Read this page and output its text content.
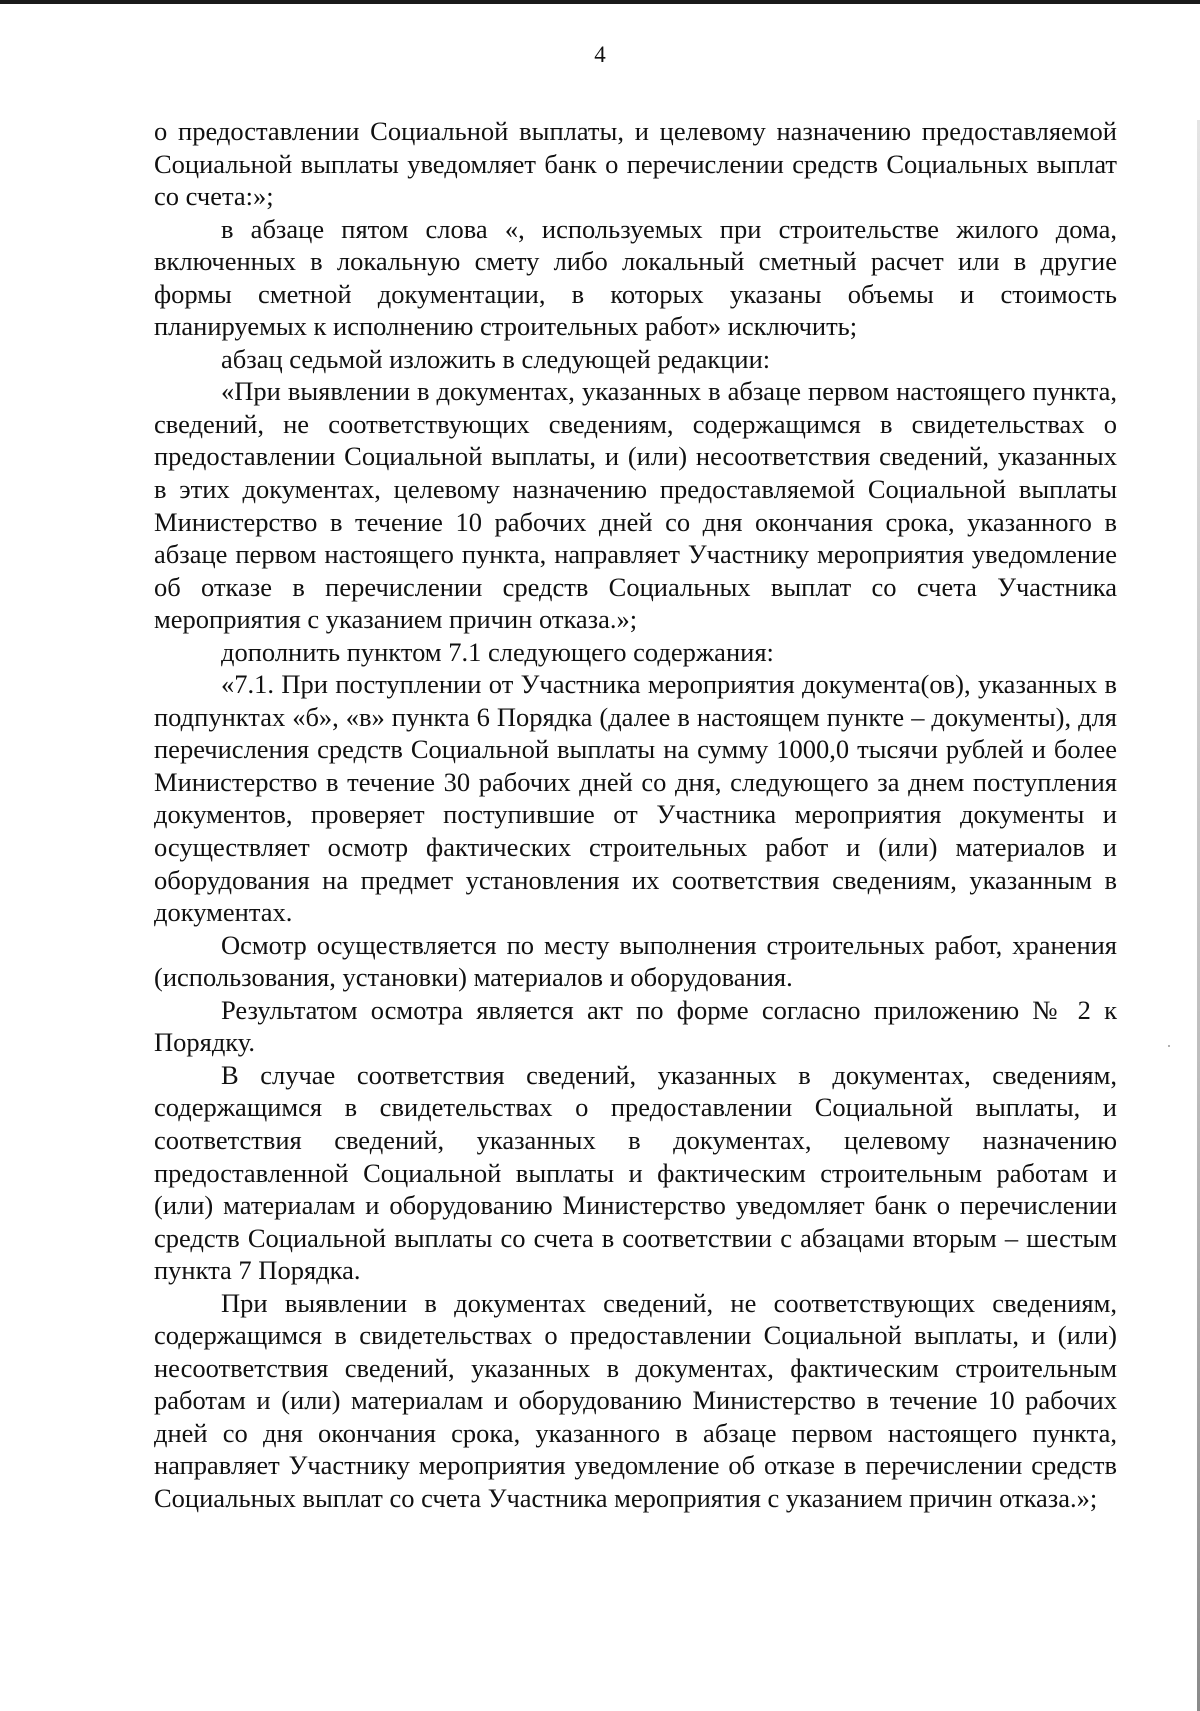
4

о предоставлении Социальной выплаты, и целевому назначению предоставляемой Социальной выплаты уведомляет банк о перечислении средств Социальных выплат со счета:»;

в абзаце пятом слова «, используемых при строительстве жилого дома, включенных в локальную смету либо локальный сметный расчет или в другие формы сметной документации, в которых указаны объемы и стоимость планируемых к исполнению строительных работ» исключить;

абзац седьмой изложить в следующей редакции:

«При выявлении в документах, указанных в абзаце первом настоящего пункта, сведений, не соответствующих сведениям, содержащимся в свидетельствах о предоставлении Социальной выплаты, и (или) несоответствия сведений, указанных в этих документах, целевому назначению предоставляемой Социальной выплаты Министерство в течение 10 рабочих дней со дня окончания срока, указанного в абзаце первом настоящего пункта, направляет Участнику мероприятия уведомление об отказе в перечислении средств Социальных выплат со счета Участника мероприятия с указанием причин отказа.»;

дополнить пунктом 7.1 следующего содержания:

«7.1. При поступлении от Участника мероприятия документа(ов), указанных в подпунктах «б», «в» пункта 6 Порядка (далее в настоящем пункте – документы), для перечисления средств Социальной выплаты на сумму 1000,0 тысячи рублей и более Министерство в течение 30 рабочих дней со дня, следующего за днем поступления документов, проверяет поступившие от Участника мероприятия документы и осуществляет осмотр фактических строительных работ и (или) материалов и оборудования на предмет установления их соответствия сведениям, указанным в документах.

Осмотр осуществляется по месту выполнения строительных работ, хранения (использования, установки) материалов и оборудования.

Результатом осмотра является акт по форме согласно приложению № 2 к Порядку.

В случае соответствия сведений, указанных в документах, сведениям, содержащимся в свидетельствах о предоставлении Социальной выплаты, и соответствия сведений, указанных в документах, целевому назначению предоставленной Социальной выплаты и фактическим строительным работам и (или) материалам и оборудованию Министерство уведомляет банк о перечислении средств Социальной выплаты со счета в соответствии с абзацами вторым – шестым пункта 7 Порядка.

При выявлении в документах сведений, не соответствующих сведениям, содержащимся в свидетельствах о предоставлении Социальной выплаты, и (или) несоответствия сведений, указанных в документах, фактическим строительным работам и (или) материалам и оборудованию Министерство в течение 10 рабочих дней со дня окончания срока, указанного в абзаце первом настоящего пункта, направляет Участнику мероприятия уведомление об отказе в перечислении средств Социальных выплат со счета Участника мероприятия с указанием причин отказа.»;
